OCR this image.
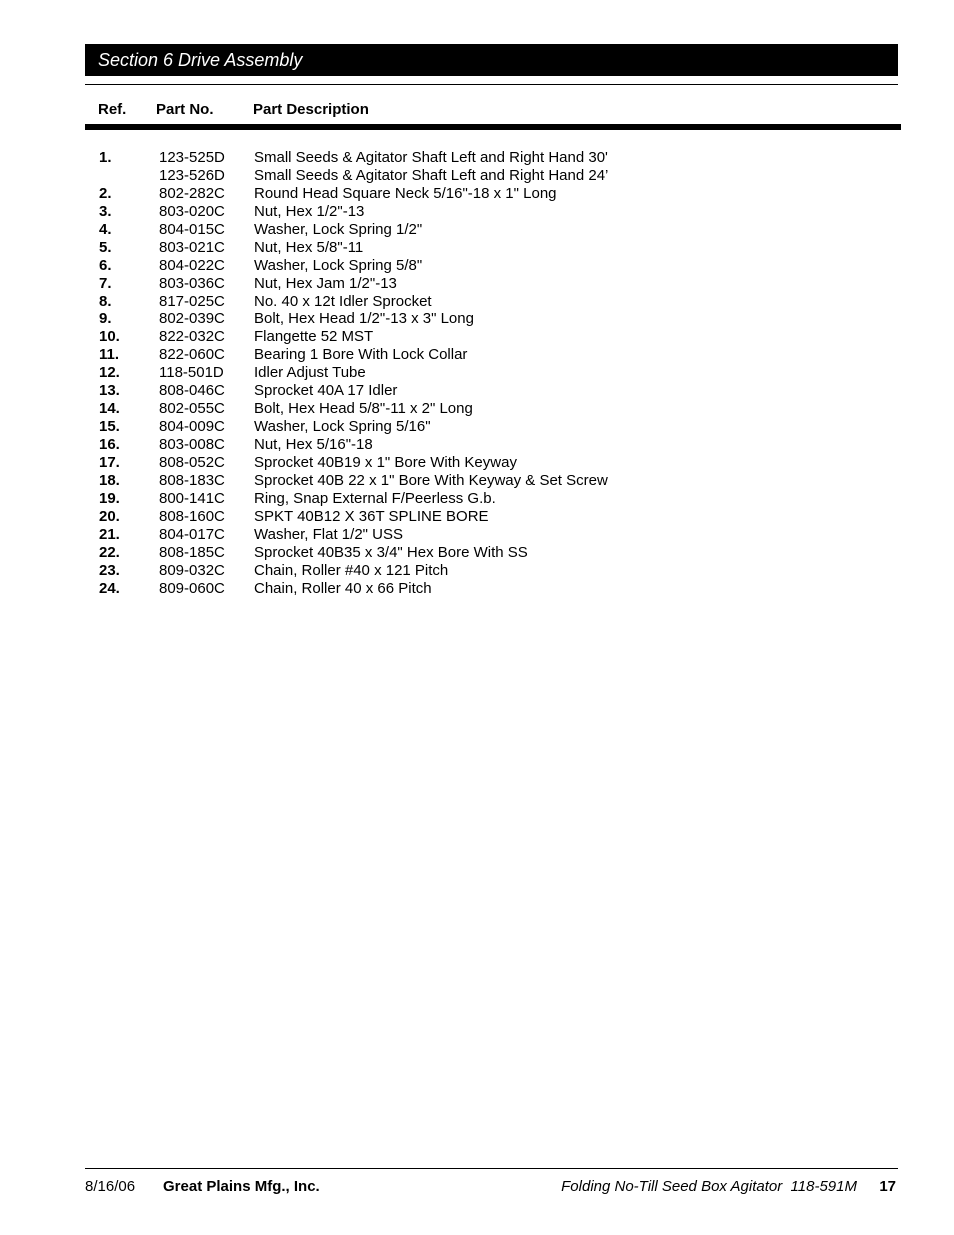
Section 6 Drive Assembly
Ref. Part No.	Part Description
1.	123-525D Small Seeds & Agitator Shaft Left and Right Hand 30'
123-526D Small Seeds & Agitator Shaft Left and Right Hand 24’
2.	802-282C Round Head Square Neck 5/16"-18 x 1" Long
3.	803-020C Nut, Hex 1/2"-13
4.	804-015C Washer, Lock Spring 1/2"
5.	803-021C Nut, Hex 5/8"-11
6.	804-022C Washer, Lock Spring 5/8"
7.	803-036C Nut, Hex Jam 1/2"-13
8.	817-025C No. 40 x 12t Idler Sprocket
9.	802-039C Bolt, Hex Head 1/2"-13 x 3" Long
10.	822-032C Flangette 52 MST
11.	822-060C Bearing 1 Bore With Lock Collar
12.	118-501D Idler Adjust Tube
13.	808-046C Sprocket 40A 17 Idler
14.	802-055C Bolt, Hex Head 5/8"-11 x 2" Long
15.	804-009C Washer, Lock Spring 5/16"
16.	803-008C Nut, Hex 5/16"-18
17.	808-052C Sprocket 40B19 x 1" Bore With Keyway
18.	808-183C Sprocket 40B 22 x 1" Bore With Keyway & Set Screw
19.	800-141C Ring, Snap External F/Peerless G.b.
20.	808-160C SPKT 40B12 X 36T SPLINE BORE
21.	804-017C Washer, Flat 1/2" USS
22.	808-185C Sprocket 40B35 x 3/4" Hex Bore With SS
23.	809-032C Chain, Roller #40 x 121 Pitch
24.	809-060C Chain, Roller 40 x 66 Pitch
8/16/06 Great Plains Mfg., Inc.	Folding No-Till Seed Box Agitator  118-591M 17
